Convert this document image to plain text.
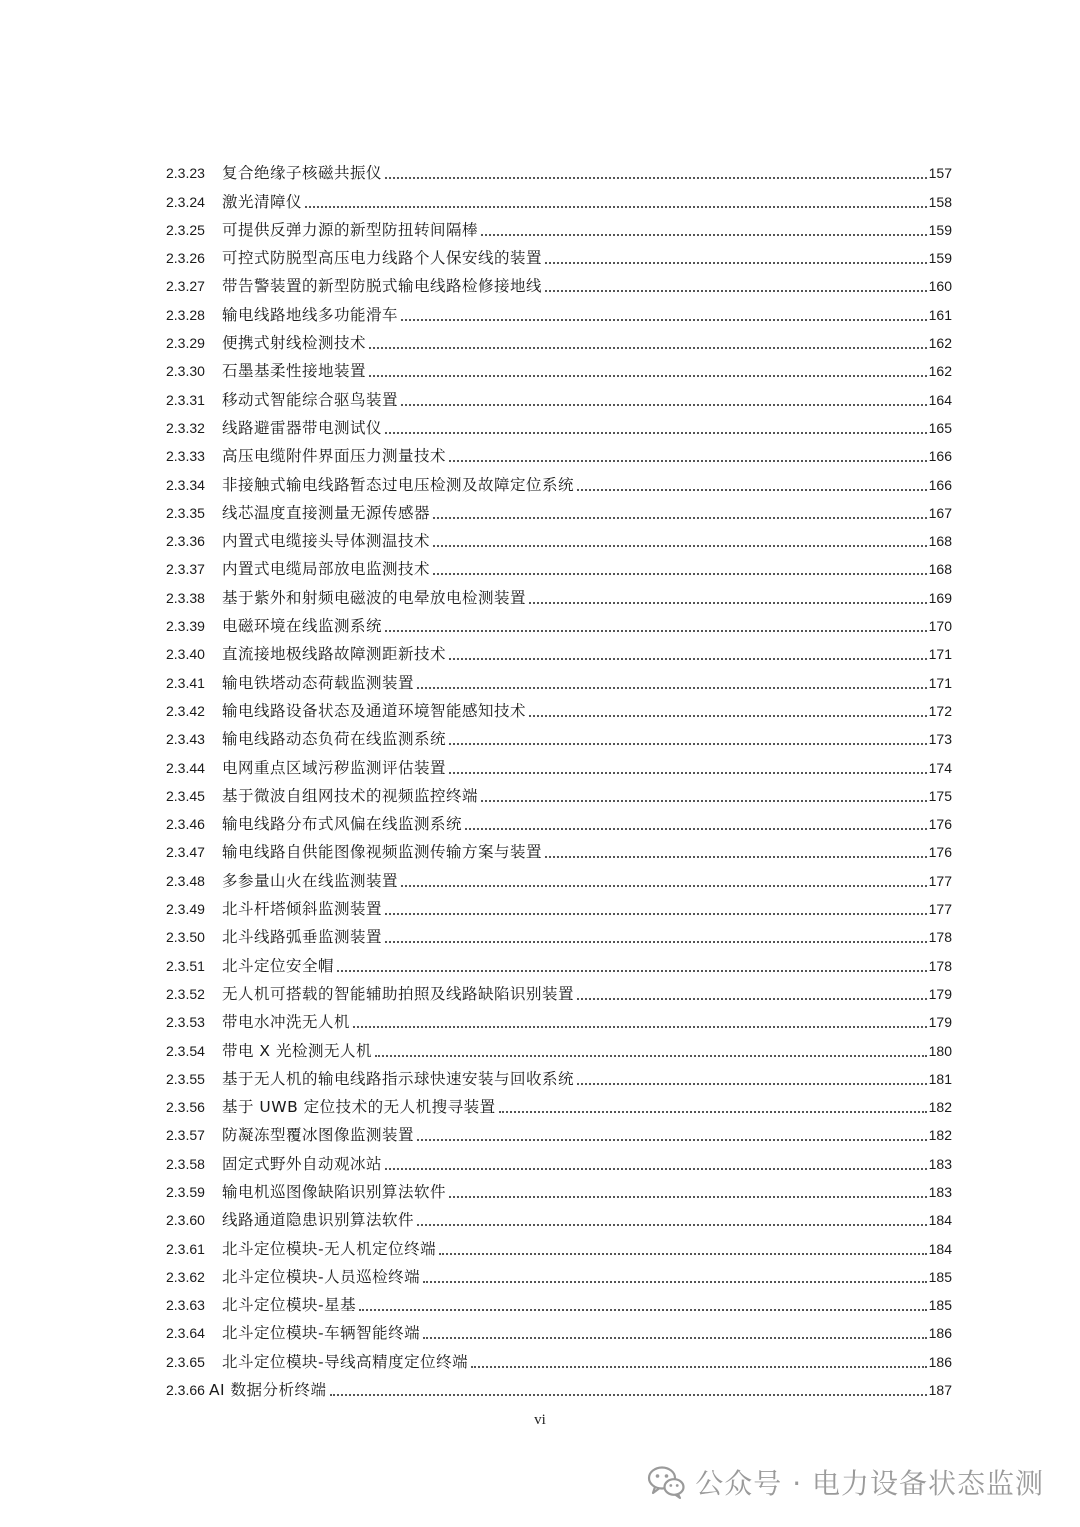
2.3.23	复合绝缘子核磁共振仪	157
2.3.24	激光清障仪	158
2.3.25	可提供反弹力源的新型防扭转间隔棒	159
2.3.26	可控式防脱型高压电力线路个人保安线的装置	159
2.3.27	带告警装置的新型防脱式输电线路检修接地线	160
2.3.28	输电线路地线多功能滑车	161
2.3.29	便携式射线检测技术	162
2.3.30	石墨基柔性接地装置	162
2.3.31	移动式智能综合驱鸟装置	164
2.3.32	线路避雷器带电测试仪	165
2.3.33	高压电缆附件界面压力测量技术	166
2.3.34	非接触式输电线路暂态过电压检测及故障定位系统	166
2.3.35	线芯温度直接测量无源传感器	167
2.3.36	内置式电缆接头导体测温技术	168
2.3.37	内置式电缆局部放电监测技术	168
2.3.38	基于紫外和射频电磁波的电晕放电检测装置	169
2.3.39	电磁环境在线监测系统	170
2.3.40	直流接地极线路故障测距新技术	171
2.3.41	输电铁塔动态荷载监测装置	171
2.3.42	输电线路设备状态及通道环境智能感知技术	172
2.3.43	输电线路动态负荷在线监测系统	173
2.3.44	电网重点区域污秽监测评估装置	174
2.3.45	基于微波自组网技术的视频监控终端	175
2.3.46	输电线路分布式风偏在线监测系统	176
2.3.47	输电线路自供能图像视频监测传输方案与装置	176
2.3.48	多参量山火在线监测装置	177
2.3.49	北斗杆塔倾斜监测装置	177
2.3.50	北斗线路弧垂监测装置	178
2.3.51	北斗定位安全帽	178
2.3.52	无人机可搭载的智能辅助拍照及线路缺陷识别装置	179
2.3.53	带电水冲洗无人机	179
2.3.54	带电 X 光检测无人机	180
2.3.55	基于无人机的输电线路指示球快速安装与回收系统	181
2.3.56	基于 UWB 定位技术的无人机搜寻装置	182
2.3.57	防凝冻型覆冰图像监测装置	182
2.3.58	固定式野外自动观冰站	183
2.3.59	输电机巡图像缺陷识别算法软件	183
2.3.60	线路通道隐患识别算法软件	184
2.3.61	北斗定位模块-无人机定位终端	184
2.3.62	北斗定位模块-人员巡检终端	185
2.3.63	北斗定位模块-星基	185
2.3.64	北斗定位模块-车辆智能终端	186
2.3.65	北斗定位模块-导线高精度定位终端	186
2.3.66 AI 数据分析终端	187
vi
公众号 · 电力设备状态监测
